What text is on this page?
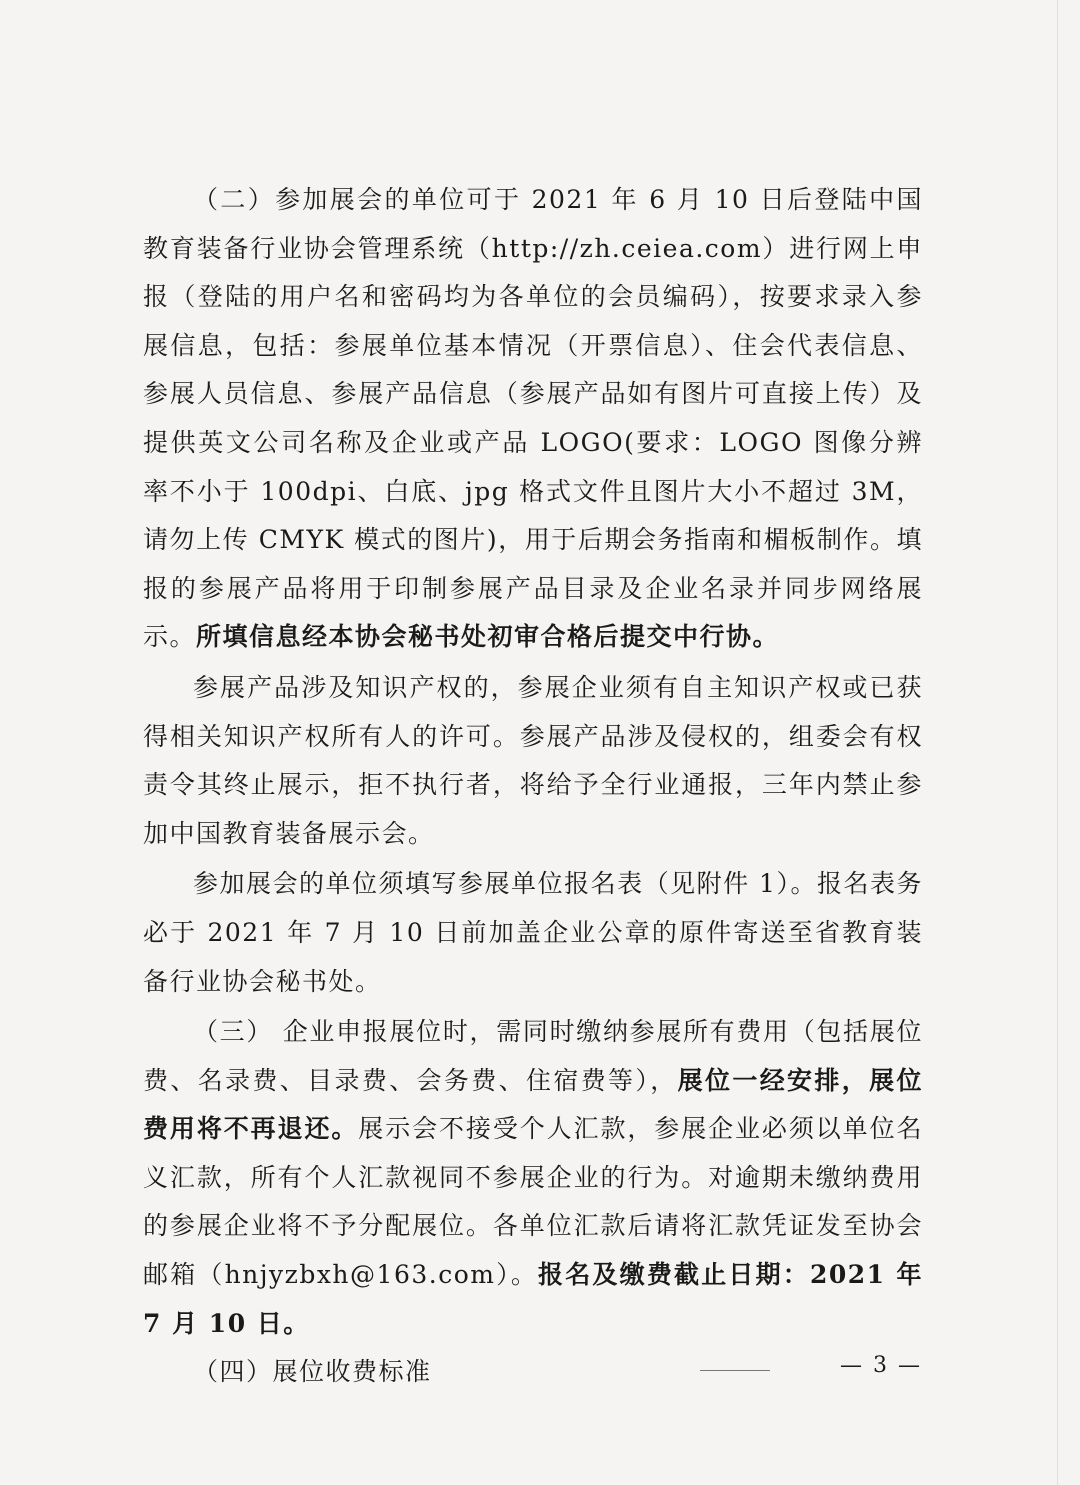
（二）参加展会的单位可于 2021 年 6 月 10 日后登陆中国教育装备行业协会管理系统（http://zh.ceiea.com）进行网上申报（登陆的用户名和密码均为各单位的会员编码），按要求录入参展信息，包括：参展单位基本情况（开票信息）、住会代表信息、参展人员信息、参展产品信息（参展产品如有图片可直接上传）及提供英文公司名称及企业或产品 LOGO(要求：LOGO 图像分辨率不小于 100dpi、白底、jpg 格式文件且图片大小不超过 3M，请勿上传 CMYK 模式的图片)，用于后期会务指南和楣板制作。填报的参展产品将用于印制参展产品目录及企业名录并同步网络展示。所填信息经本协会秘书处初审合格后提交中行协。

参展产品涉及知识产权的，参展企业须有自主知识产权或已获得相关知识产权所有人的许可。参展产品涉及侵权的，组委会有权责令其终止展示，拒不执行者，将给予全行业通报，三年内禁止参加中国教育装备展示会。

参加展会的单位须填写参展单位报名表（见附件 1）。报名表务必于 2021 年 7 月 10 日前加盖企业公章的原件寄送至省教育装备行业协会秘书处。

（三） 企业申报展位时，需同时缴纳参展所有费用（包括展位费、名录费、目录费、会务费、住宿费等），展位一经安排，展位费用将不再退还。展示会不接受个人汇款，参展企业必须以单位名义汇款，所有个人汇款视同不参展企业的行为。对逾期未缴纳费用的参展企业将不予分配展位。各单位汇款后请将汇款凭证发至协会邮箱（hnjyzbxh@163.com）。报名及缴费截止日期：2021 年 7 月 10 日。

（四）展位收费标准	— 3 —
